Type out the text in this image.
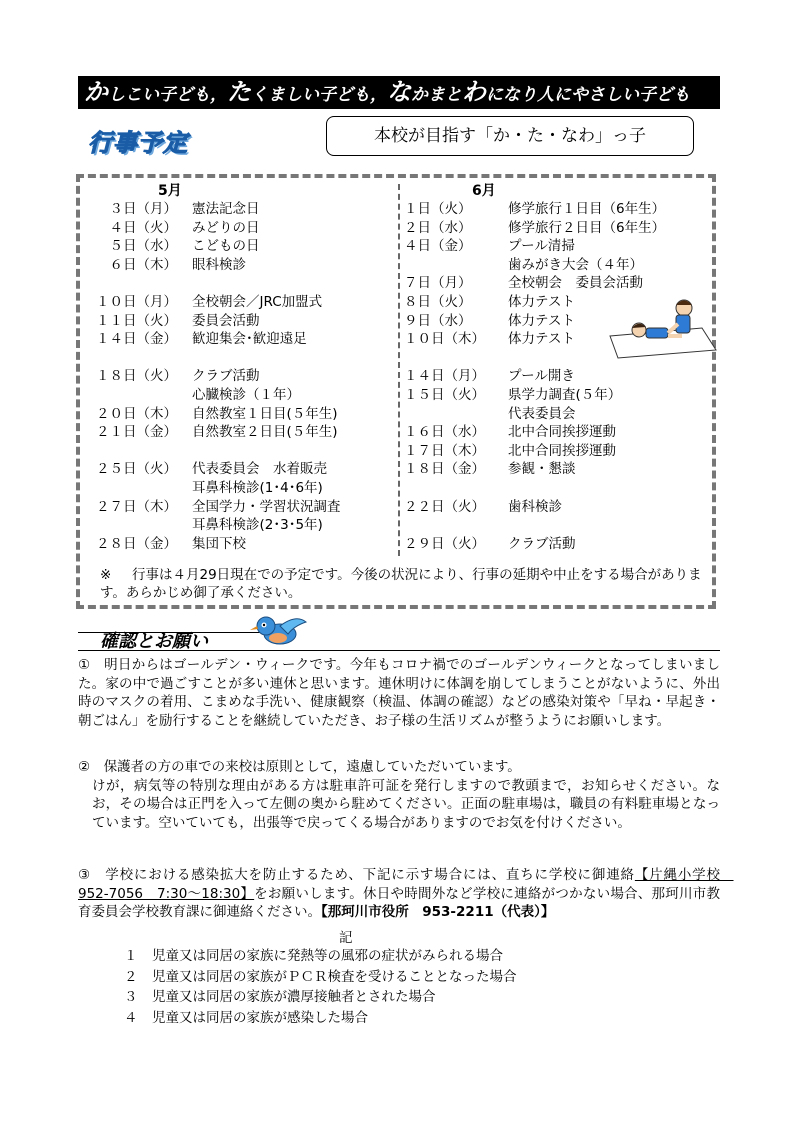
かしこい子ども，たくましい子ども，なかまとわになり人にやさしい子ども
行事予定	本校が目指す「か・た・なわ」っ子
5月	6月
　３日（月） 憲法記念日
　４日（火） みどりの日
　５日（水） こどもの日
　６日（木） 眼科検診
１０日（月） 全校朝会／JRC加盟式
１１日（火） 委員会活動
１４日（金） 歓迎集会･歓迎遠足
１８日（火） クラブ活動
心臓検診（１年）
２０日（木） 自然教室１日目(５年生)
２１日（金） 自然教室２日目(５年生)
２５日（火） 代表委員会　水着販売
耳鼻科検診(1･4･6年)
２７日（木） 全国学力・学習状況調査
耳鼻科検診(2･3･5年)
２８日（金） 集団下校
１日（火）	修学旅行１日目（6年生）
２日（水）	修学旅行２日目（6年生）
４日（金）	プール清掃
歯みがき大会（４年）
７日（月）	全校朝会　委員会活動
８日（火）	体力テスト
９日（水）	体力テスト
１０日（木） 体力テスト
１４日（月） プール開き
１５日（火） 県学力調査(５年）
代表委員会
１６日（水） 北中合同挨拶運動
１７日（木） 北中合同挨拶運動
１８日（金） 参観・懇談
２２日（火） 歯科検診
２９日（火） クラブ活動
※ 行事は４月29日現在での予定です。今後の状況により、行事の延期や中止をする場合があります。あらかじめ御了承ください。
確認とお願い
①　明日からはゴールデン・ウィークです。今年もコロナ禍でのゴールデンウィークとなってしまいました。家の中で過ごすことが多い連休と思います。連休明けに体調を崩してしまうことがないように、外出時のマスクの着用、こまめな手洗い、健康観察（検温、体調の確認）などの感染対策や「早ね・早起き・朝ごはん」を励行することを継続していただき、お子様の生活リズムが整うようにお願いします。
②　保護者の方の車での来校は原則として，遠慮していただいています。
けが，病気等の特別な理由がある方は駐車許可証を発行しますので教頭まで，お知らせください。なお，その場合は正門を入って左側の奥から駐めてください。正面の駐車場は，職員の有料駐車場となっています。空いていても，出張等で戻ってくる場合がありますのでお気を付けください。
③　学校における感染拡大を防止するため、下記に示す場合には、直ちに学校に御連絡【片縄小学校　952-7056　7:30～18:30】をお願いします。休日や時間外など学校に連絡がつかない場合、那珂川市教育委員会学校教育課に御連絡ください。【那珂川市役所　953-2211（代表）】
記
１ 児童又は同居の家族に発熱等の風邪の症状がみられる場合
２ 児童又は同居の家族がＰＣＲ検査を受けることとなった場合
３ 児童又は同居の家族が濃厚接触者とされた場合
４ 児童又は同居の家族が感染した場合
